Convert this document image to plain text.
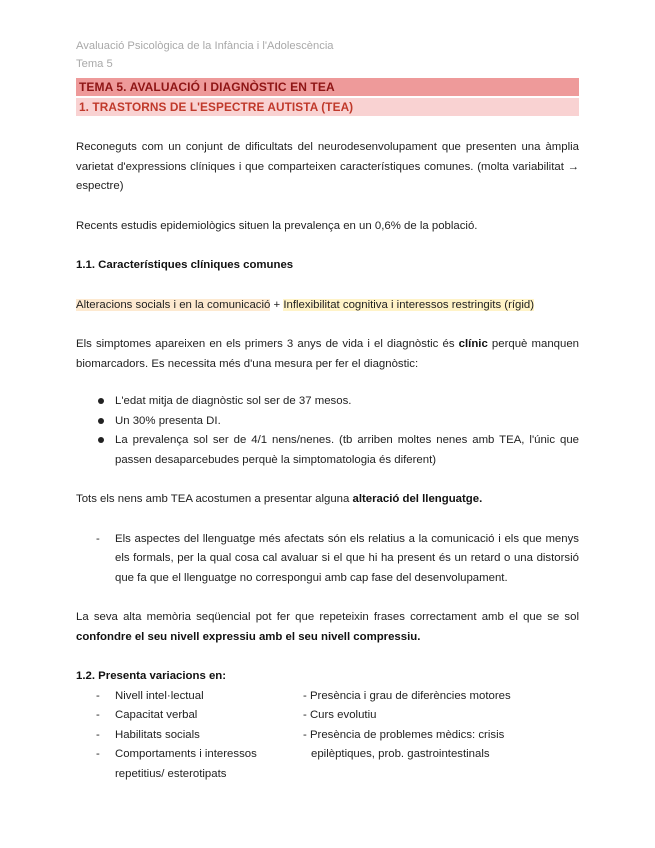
Avaluació Psicològica de la Infància i l'Adolescència
Tema 5
TEMA 5. AVALUACIÓ I DIAGNÒSTIC EN TEA
1. TRASTORNS DE L'ESPECTRE AUTISTA (TEA)

Reconeguts com un conjunt de dificultats del neurodesenvolupament que presenten una àmplia varietat d'expressions clíniques i que comparteixen característiques comunes. (molta variabilitat → espectre)

Recents estudis epidemiològics situen la prevalença en un 0,6% de la població.

1.1. Característiques clíniques comunes

Alteracions socials i en la comunicació + Inflexibilitat cognitiva i interessos restringits (rígid)

Els simptomes apareixen en els primers 3 anys de vida i el diagnòstic és clínic perquè manquen biomarcadors. Es necessita més d'una mesura per fer el diagnòstic:

L'edat mitja de diagnòstic sol ser de 37 mesos.
Un 30% presenta DI.
La prevalença sol ser de 4/1 nens/nenes. (tb arriben moltes nenes amb TEA, l'únic que passen desaparcebudes perquè la simptomatologia és diferent)

Tots els nens amb TEA acostumen a presentar alguna alteració del llenguatge.

- Els aspectes del llenguatge més afectats són els relatius a la comunicació i els que menys els formals, per la qual cosa cal avaluar si el que hi ha present és un retard o una distorsió que fa que el llenguatge no correspongui amb cap fase del desenvolupament.

La seva alta memòria seqüencial pot fer que repeteixin frases correctament amb el que se sol confondre el seu nivell expressiu amb el seu nivell compressiu.

1.2. Presenta variacions en:

- Nivell intel·lectual
- Capacitat verbal
- Habilitats socials
- Comportaments i interessos repetitius/ esterotipats
- Presència i grau de diferències motores
- Curs evolutiu
- Presència de problemes mèdics: crisis
epilèptiques, prob. gastrointestinals
